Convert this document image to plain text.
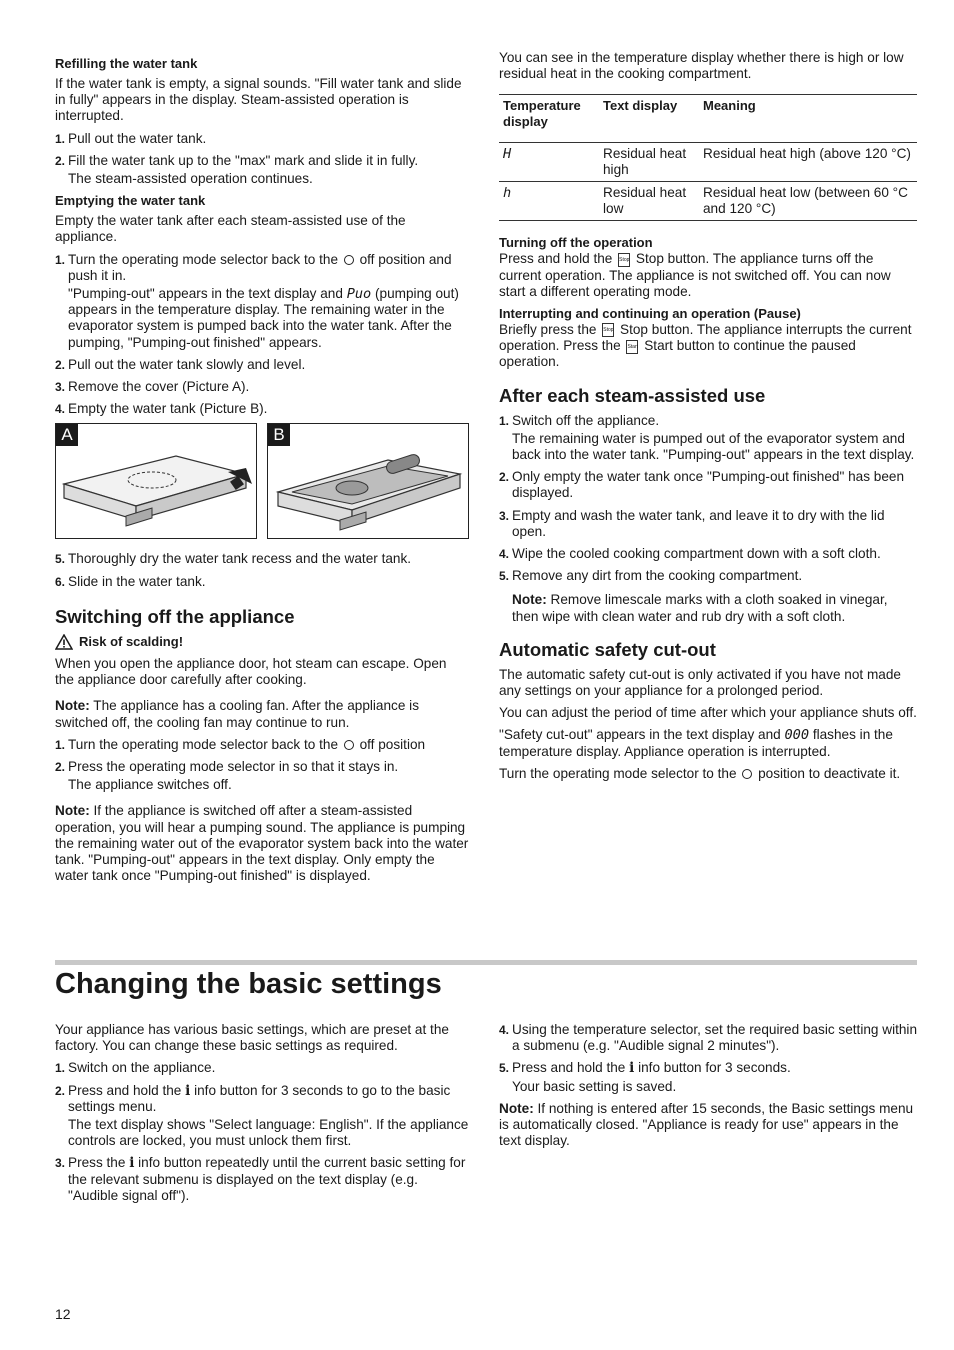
Refilling the water tank

If the water tank is empty, a signal sounds. "Fill water tank and slide in fully" appears in the display. Steam-assisted operation is interrupted.

1. Pull out the water tank.
2. Fill the water tank up to the "max" mark and slide it in fully.
The steam-assisted operation continues.
Emptying the water tank

Empty the water tank after each steam-assisted use of the appliance.

1. Turn the operating mode selector back to the off position and push it in.
"Pumping-out" appears in the text display and Puo (pumping out) appears in the temperature display. The remaining water in the evaporator system is pumped back into the water tank. After the pumping, "Pumping-out finished" appears.
2. Pull out the water tank slowly and level.
3. Remove the cover (Picture A).
4. Empty the water tank (Picture B).
A	B
5. Thoroughly dry the water tank recess and the water tank.
6. Slide in the water tank.
Switching off the appliance
Risk of scalding!

When you open the appliance door, hot steam can escape. Open the appliance door carefully after cooking.

Note: The appliance has a cooling fan. After the appliance is switched off, the cooling fan may continue to run.

1. Turn the operating mode selector back to the off position
2. Press the operating mode selector in so that it stays in.
The appliance switches off.

Note: If the appliance is switched off after a steam-assisted operation, you will hear a pumping sound. The appliance is pumping the remaining water out of the evaporator system back into the water tank. "Pumping-out" appears in the text display. Only empty the water tank once "Pumping-out finished" is displayed.

You can see in the temperature display whether there is high or low residual heat in the cooking compartment.

Temperature display	Text display	Meaning
H	Residual heat high	Residual heat high (above 120 °C)
h	Residual heat low	Residual heat low (between 60 °C and 120 °C)
Turning off the operation

Press and hold the Stop Stop button. The appliance turns off the current operation. The appliance is not switched off. You can now start a different operating mode.

Interrupting and continuing an operation (Pause)

Briefly press the Stop Stop button. The appliance interrupts the current operation. Press the Start Start button to continue the paused operation.

After each steam-assisted use
1. Switch off the appliance.
The remaining water is pumped out of the evaporator system and back into the water tank. "Pumping-out" appears in the text display.
2. Only empty the water tank once "Pumping-out finished" has been displayed.
3. Empty and wash the water tank, and leave it to dry with the lid open.
4. Wipe the cooled cooking compartment down with a soft cloth.
5. Remove any dirt from the cooking compartment.

Note: Remove limescale marks with a cloth soaked in vinegar, then wipe with clean water and rub dry with a soft cloth.

Automatic safety cut-out

The automatic safety cut-out is only activated if you have not made any settings on your appliance for a prolonged period.

You can adjust the period of time after which your appliance shuts off.

"Safety cut-out" appears in the text display and 000 flashes in the temperature display. Appliance operation is interrupted.

Turn the operating mode selector to the position to deactivate it.

Changing the basic settings

Your appliance has various basic settings, which are preset at the factory. You can change these basic settings as required.

1. Switch on the appliance.
2. Press and hold the i info button for 3 seconds to go to the basic settings menu.
The text display shows "Select language: English". If the appliance controls are locked, you must unlock them first.
3. Press the i info button repeatedly until the current basic setting for the relevant submenu is displayed on the text display (e.g. "Audible signal off").
4. Using the temperature selector, set the required basic setting within a submenu (e.g. "Audible signal 2 minutes").
5. Press and hold the i info button for 3 seconds.
Your basic setting is saved.

Note: If nothing is entered after 15 seconds, the Basic settings menu is automatically closed. "Appliance is ready for use" appears in the text display.

12
